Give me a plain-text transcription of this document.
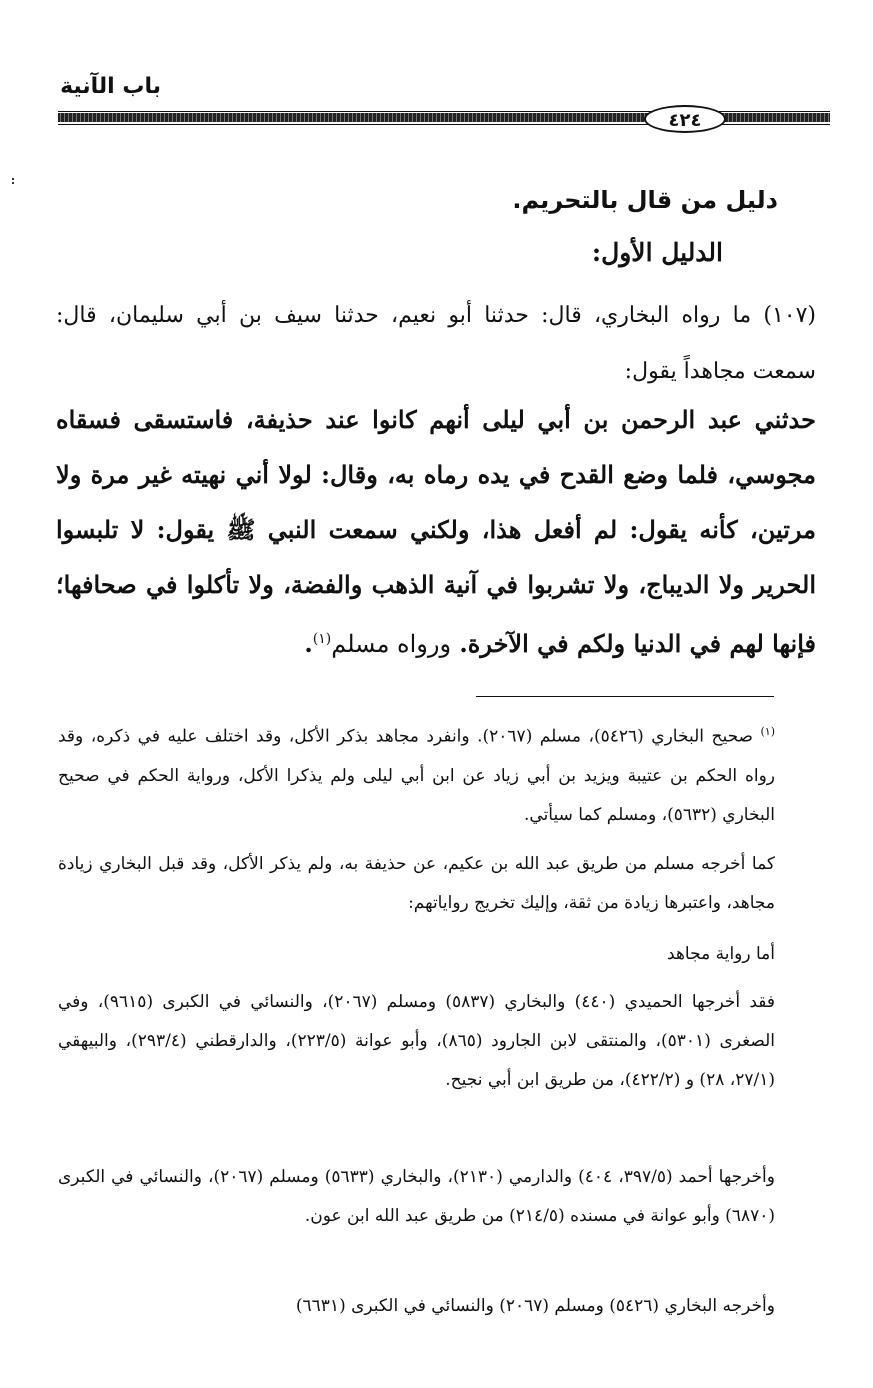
باب الآنية
٤٢٤
دليل من قال بالتحريم.
الدليل الأول:
(١٠٧) ما رواه البخاري، قال: حدثنا أبو نعيم، حدثنا سيف بن أبي سليمان، قال: سمعت مجاهداً يقول:
حدثني عبد الرحمن بن أبي ليلى أنهم كانوا عند حذيفة، فاستسقى فسقاه مجوسي، فلما وضع القدح في يده رماه به، وقال: لولا أني نهيته غير مرة ولا مرتين، كأنه يقول: لم أفعل هذا، ولكني سمعت النبي ﷺ يقول: لا تلبسوا الحرير ولا الديباج، ولا تشربوا في آنية الذهب والفضة، ولا تأكلوا في صحافها؛ فإنها لهم في الدنيا ولكم في الآخرة. ورواه مسلم$^{(١)}$.
$^{(١)}$ صحيح البخاري (٥٤٢٦)، مسلم (٢٠٦٧). وانفرد مجاهد بذكر الأكل، وقد اختلف عليه في ذكره، وقد رواه الحكم بن عتيبة ويزيد بن أبي زياد عن ابن أبي ليلى ولم يذكرا الأكل، ورواية الحكم في صحيح البخاري (٥٦٣٢)، ومسلم كما سيأتي.
كما أخرجه مسلم من طريق عبد الله بن عكيم، عن حذيفة به، ولم يذكر الأكل، وقد قبل البخاري زيادة مجاهد، واعتبرها زيادة من ثقة، وإليك تخريج رواياتهم:
أما رواية مجاهد
فقد أخرجها الحميدي (٤٤٠) والبخاري (٥٨٣٧) ومسلم (٢٠٦٧)، والنسائي في الكبرى (٩٦١٥)، وفي الصغرى (٥٣٠١)، والمنتقى لابن الجارود (٨٦٥)، وأبو عوانة (٢٢٣/٥)، والدارقطني (٢٩٣/٤)، والبيهقي (٢٧/١، ٢٨) و (٤٢٢/٢)، من طريق ابن أبي نجيح.
وأخرجها أحمد (٣٩٧/٥، ٤٠٤) والدارمي (٢١٣٠)، والبخاري (٥٦٣٣) ومسلم (٢٠٦٧)، والنسائي في الكبرى (٦٨٧٠) وأبو عوانة في مسنده (٢١٤/٥) من طريق عبد الله ابن عون.
وأخرجه البخاري (٥٤٢٦) ومسلم (٢٠٦٧) والنسائي في الكبرى (٦٦٣١)
